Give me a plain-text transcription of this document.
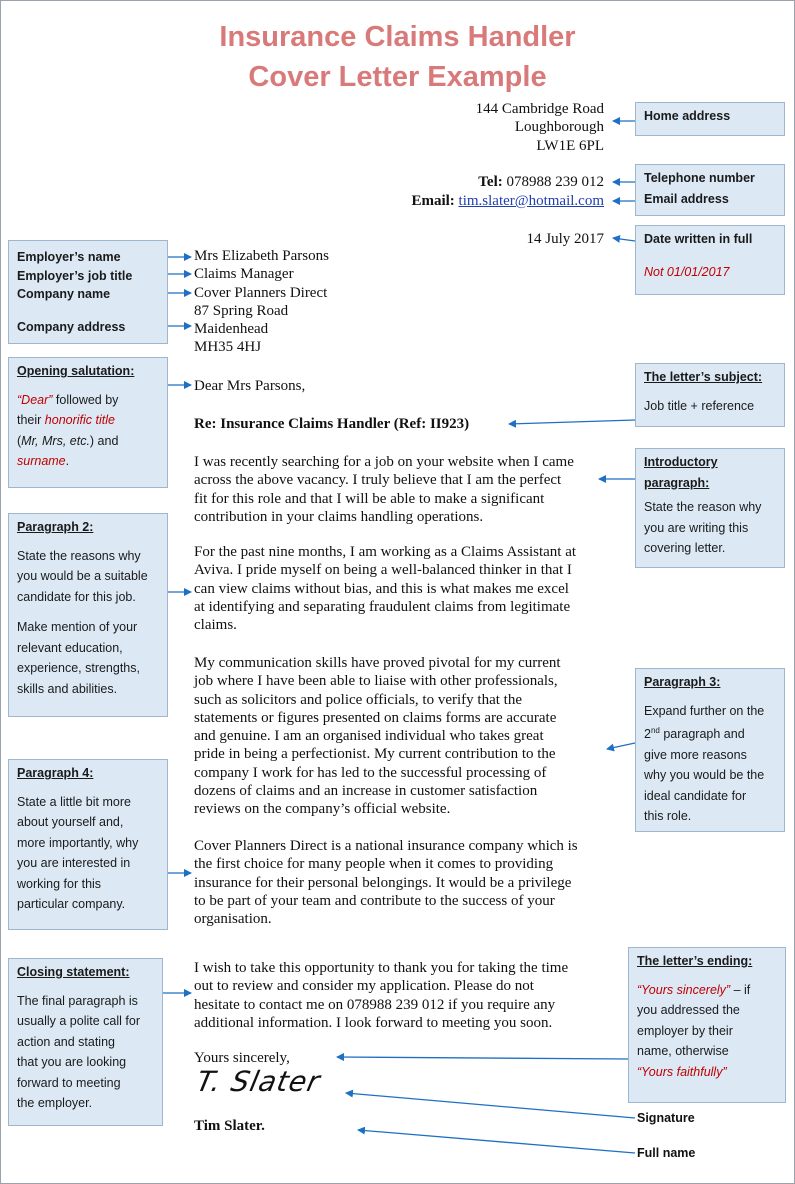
Insurance Claims Handler
Cover Letter Example
144 Cambridge Road
Loughborough
LW1E 6PL
Tel: 078988 239 012
Email: tim.slater@hotmail.com
14 July 2017
Mrs Elizabeth Parsons
Claims Manager
Cover Planners Direct
87 Spring Road
Maidenhead
MH35 4HJ
Dear Mrs Parsons,
Re: Insurance Claims Handler (Ref: II923)
I was recently searching for a job on your website when I came
across the above vacancy. I truly believe that I am the perfect
fit for this role and that I will be able to make a significant
contribution in your claims handling operations.
For the past nine months, I am working as a Claims Assistant at
Aviva. I pride myself on being a well-balanced thinker in that I
can view claims without bias, and this is what makes me excel
at identifying and separating fraudulent claims from legitimate
claims.
My communication skills have proved pivotal for my current
job where I have been able to liaise with other professionals,
such as solicitors and police officials, to verify that the
statements or figures presented on claims forms are accurate
and genuine. I am an organised individual who takes great
pride in being a perfectionist. My current contribution to the
company I work for has led to the successful processing of
dozens of claims and an increase in customer satisfaction
reviews on the company’s official website.
Cover Planners Direct is a national insurance company which is
the first choice for many people when it comes to providing
insurance for their personal belongings. It would be a privilege
to be part of your team and contribute to the success of your
organisation.
I wish to take this opportunity to thank you for taking the time
out to review and consider my application. Please do not
hesitate to contact me on 078988 239 012 if you require any
additional information. I look forward to meeting you soon.
Yours sincerely,
T. Slater
Tim Slater.
Home address
Telephone number
Email address
Date written in full
Not 01/01/2017
The letter’s subject:

Job title + reference

Introductory paragraph:

State the reason why
you are writing this
covering letter.

Paragraph 3:

Expand further on the
2nd paragraph and
give more reasons
why you would be the
ideal candidate for
this role.

The letter’s ending:

“Yours sincerely” – if
you addressed the
employer by their
name, otherwise
“Yours faithfully”

Signature
Full name
Employer’s name
Employer’s job title
Company name
Company address
Opening salutation:

“Dear” followed by
their honorific title
(Mr, Mrs, etc.) and
surname.

Paragraph 2:

State the reasons why
you would be a suitable
candidate for this job.

Make mention of your
relevant education,
experience, strengths,
skills and abilities.

Paragraph 4:

State a little bit more
about yourself and,
more importantly, why
you are interested in
working for this
particular company.

Closing statement:

The final paragraph is
usually a polite call for
action and stating
that you are looking
forward to meeting
the employer.
